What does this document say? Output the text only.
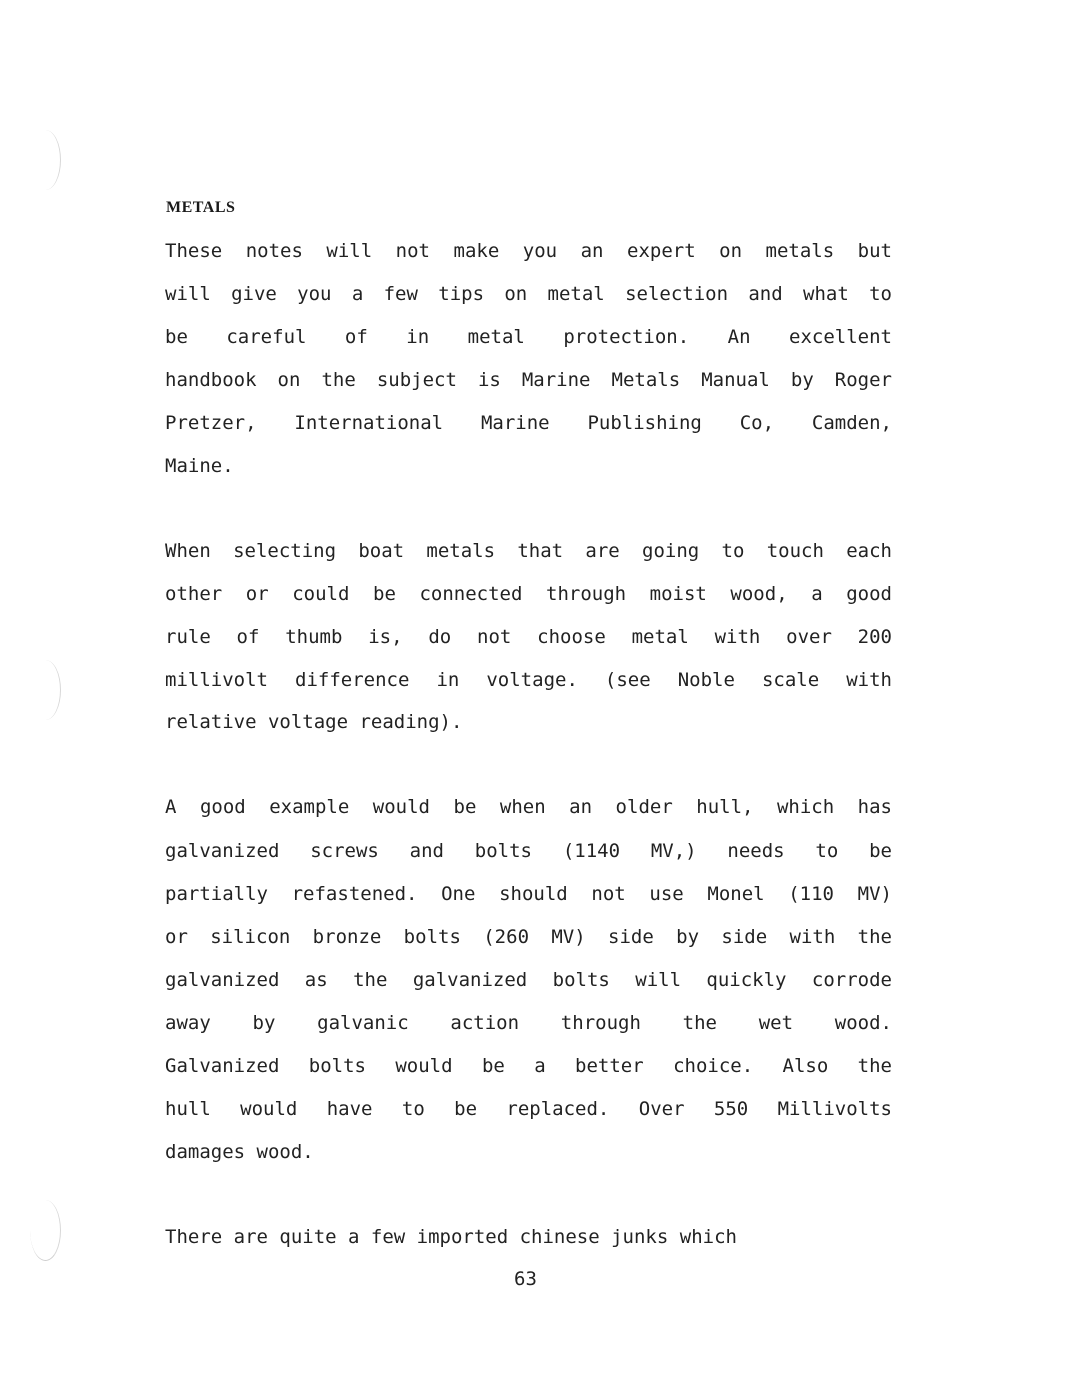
METALS
These notes will not make you an expert on metals but
will give you a few tips on metal selection and what to
be careful of in metal protection. An excellent
handbook on the subject is Marine Metals Manual by Roger
Pretzer, International Marine Publishing Co, Camden,
Maine.
When selecting boat metals that are going to touch each
other or could be connected through moist wood, a good
rule of thumb is, do not choose metal with over 200
millivolt difference in voltage. (see Noble scale with
relative voltage reading).
A good example would be when an older hull, which has
galvanized screws and bolts (1140 MV,) needs to be
partially refastened. One should not use Monel (110 MV)
or silicon bronze bolts (260 MV) side by side with the
galvanized as the galvanized bolts will quickly corrode
away by galvanic action through the wet wood.
Galvanized bolts would be a better choice. Also the
hull would have to be replaced. Over 550 Millivolts
damages wood.
There are quite a few imported chinese junks which
63
